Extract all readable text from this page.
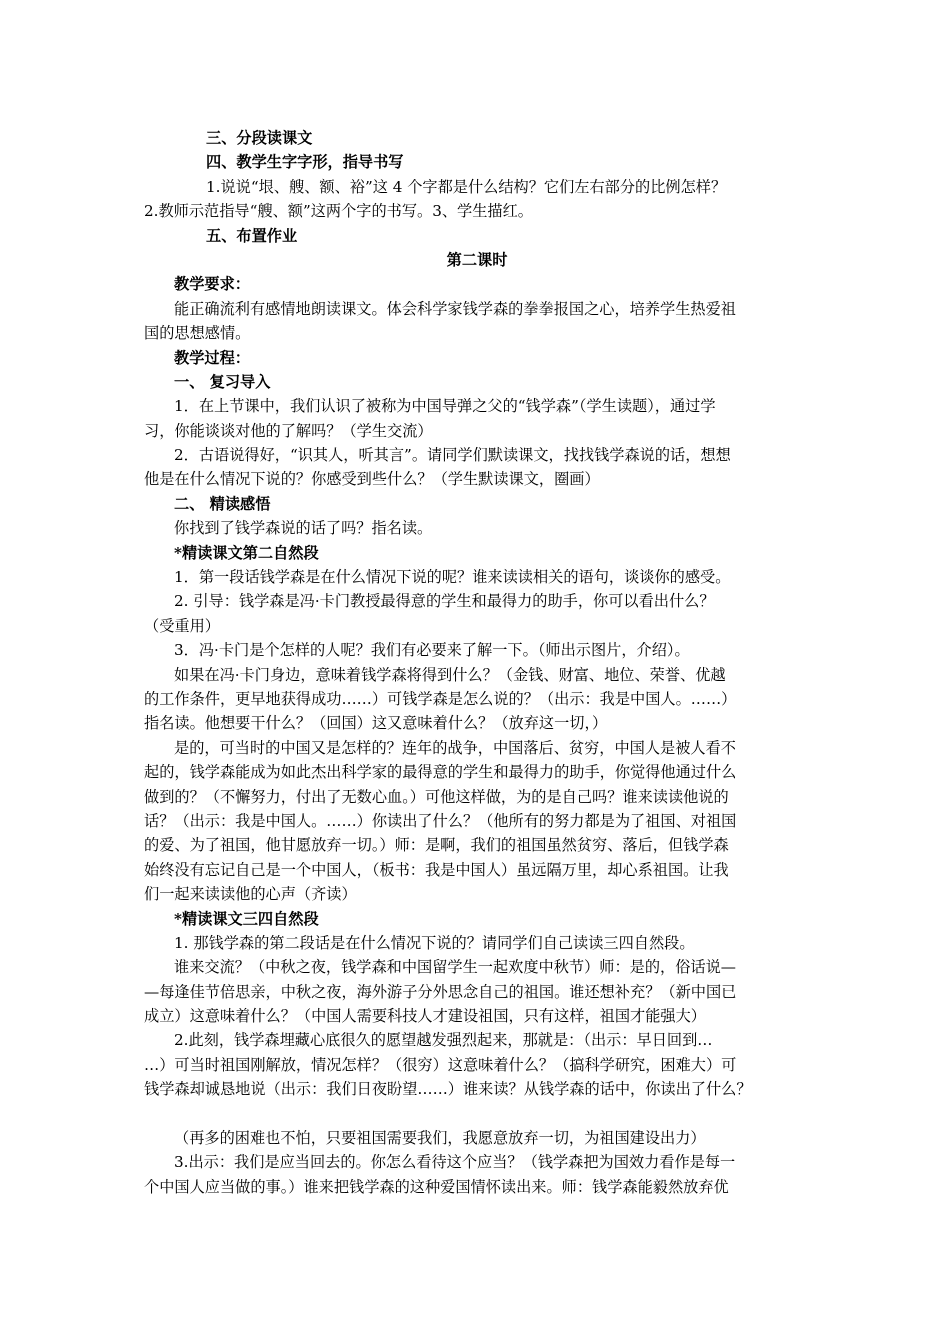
三、分段读课文
四、教学生字字形，指导书写
1.说说“垠、艘、额、裕”这 4 个字都是什么结构？它们左右部分的比例怎样？
2.教师示范指导“艘、额”这两个字的书写。3、学生描红。
五、布置作业
第二课时
教学要求：
能正确流利有感情地朗读课文。体会科学家钱学森的拳拳报国之心，培养学生热爱祖
国的思想感情。
教学过程：
一、 复习导入
1．在上节课中，我们认识了被称为中国导弹之父的“钱学森”（学生读题），通过学
习，你能谈谈对他的了解吗？（学生交流）
2．古语说得好，“识其人，听其言”。请同学们默读课文，找找钱学森说的话，想想
他是在什么情况下说的？你感受到些什么？（学生默读课文，圈画）
二、 精读感悟
你找到了钱学森说的话了吗？指名读。
*精读课文第二自然段
1．第一段话钱学森是在什么情况下说的呢？谁来读读相关的语句，谈谈你的感受。
2. 引导：钱学森是冯·卡门教授最得意的学生和最得力的助手，你可以看出什么？
（受重用）
3．冯·卡门是个怎样的人呢？我们有必要来了解一下。（师出示图片，介绍）。
如果在冯·卡门身边，意味着钱学森将得到什么？（金钱、财富、地位、荣誉、优越
的工作条件，更早地获得成功……）可钱学森是怎么说的？（出示：我是中国人。……）
指名读。他想要干什么？（回国）这又意味着什么？（放弃这一切，）
是的，可当时的中国又是怎样的？连年的战争，中国落后、贫穷，中国人是被人看不
起的，钱学森能成为如此杰出科学家的最得意的学生和最得力的助手，你觉得他通过什么
做到的？（不懈努力，付出了无数心血。）可他这样做，为的是自己吗？谁来读读他说的
话？（出示：我是中国人。……）你读出了什么？（他所有的努力都是为了祖国、对祖国
的爱、为了祖国，他甘愿放弃一切。）师：是啊，我们的祖国虽然贫穷、落后，但钱学森
始终没有忘记自己是一个中国人，（板书：我是中国人）虽远隔万里，却心系祖国。让我
们一起来读读他的心声（齐读）
*精读课文三四自然段
1. 那钱学森的第二段话是在什么情况下说的？请同学们自己读读三四自然段。
谁来交流？（中秋之夜，钱学森和中国留学生一起欢度中秋节）师：是的，俗话说—
—每逢佳节倍思亲，中秋之夜，海外游子分外思念自己的祖国。谁还想补充？（新中国已
成立）这意味着什么？（中国人需要科技人才建设祖国，只有这样，祖国才能强大）
2.此刻，钱学森埋藏心底很久的愿望越发强烈起来，那就是：（出示：早日回到…
…）可当时祖国刚解放，情况怎样？（很穷）这意味着什么？（搞科学研究，困难大）可
钱学森却诚恳地说（出示：我们日夜盼望……）谁来读？从钱学森的话中，你读出了什么？
（再多的困难也不怕，只要祖国需要我们，我愿意放弃一切，为祖国建设出力）
3.出示：我们是应当回去的。你怎么看待这个应当？（钱学森把为国效力看作是每一
个中国人应当做的事。）谁来把钱学森的这种爱国情怀读出来。师：钱学森能毅然放弃优
